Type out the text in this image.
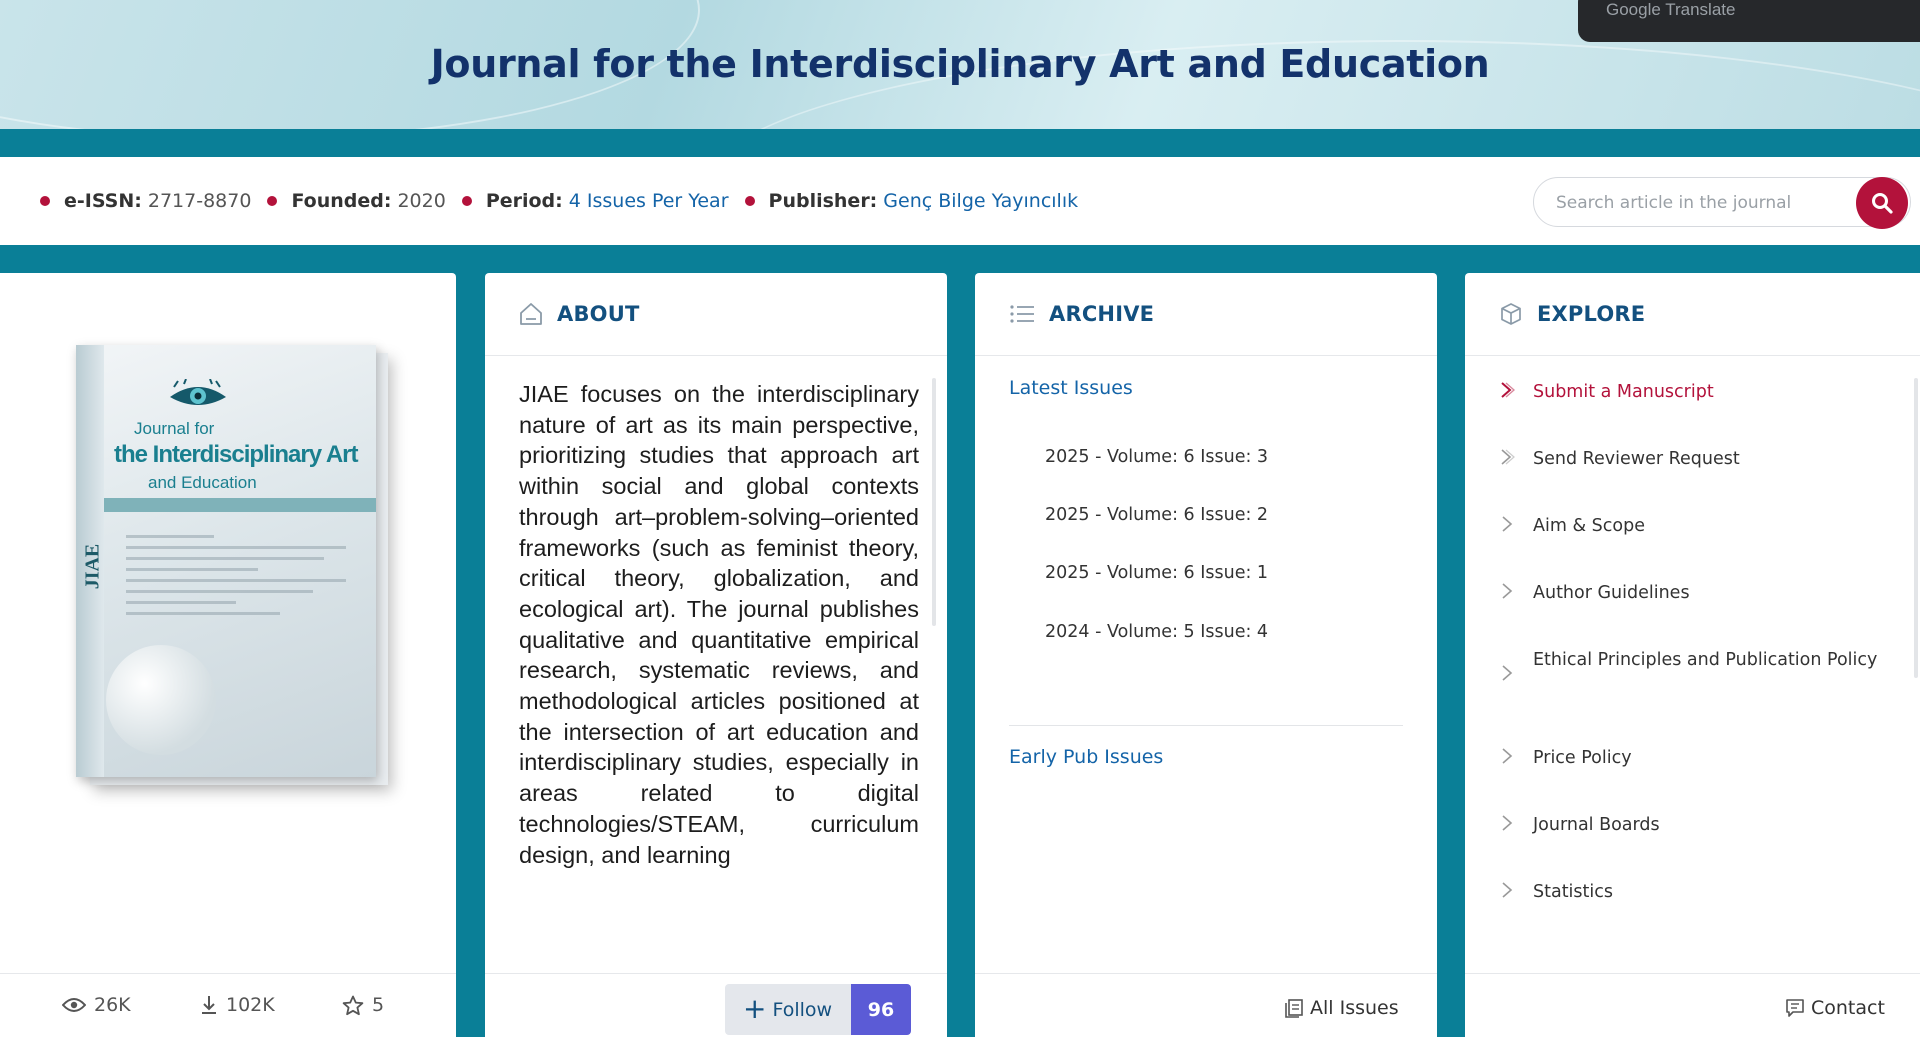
Journal for the Interdisciplinary Art and Education
Google Translate
e-ISSN: 2717-8870 Founded: 2020 Period: 4 Issues Per Year Publisher: Genç Bilge Yayıncılık
Search article in the journal
JIAE
Journal for
the Interdisciplinary Art
and Education
26K	102K	5
ABOUT
JIAE focuses on the interdisciplinary nature of art as its main perspective, prioritizing studies that approach art within social and global contexts through art–problem-solving–oriented frameworks (such as feminist theory, critical theory, globalization, and ecological art). The journal publishes qualitative and quantitative empirical research, systematic reviews, and methodological articles positioned at the intersection of art education and interdisciplinary studies, especially in areas related to digital technologies/STEAM, curriculum design, and learning
+ Follow	96
ARCHIVE
Latest Issues
2025 - Volume: 6 Issue: 3
2025 - Volume: 6 Issue: 2
2025 - Volume: 6 Issue: 1
2024 - Volume: 5 Issue: 4
Early Pub Issues
All Issues
EXPLORE
Submit a Manuscript
Send Reviewer Request
Aim & Scope
Author Guidelines
Ethical Principles and Publication Policy
Price Policy
Journal Boards
Statistics
Contact
